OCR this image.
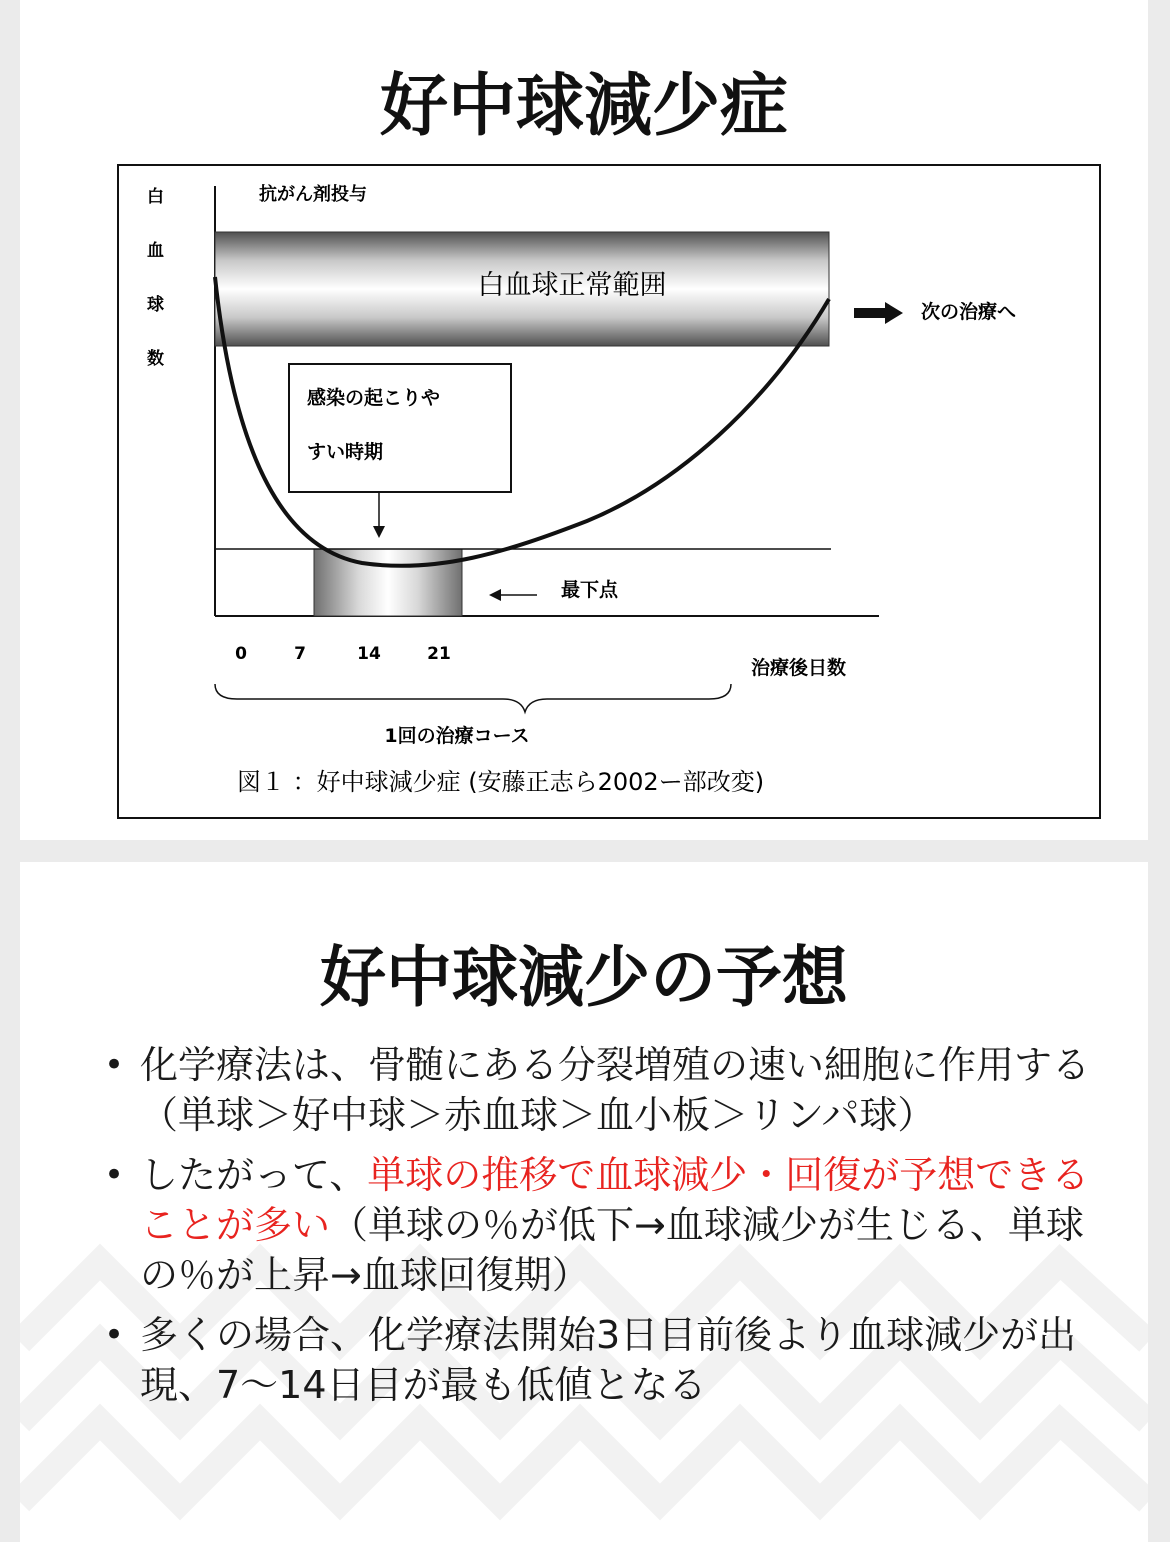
好中球減少症
白
血
球
数
抗がん剤投与
白血球正常範囲
次の治療へ
感染の起こりや
すい時期
最下点
0	7	14	21
治療後日数
1回の治療コース
図１ ：好中球減少症 (安藤正志ら2002ー部改変)
好中球減少の予想
• 化学療法は、骨髄にある分裂増殖の速い細胞に作用する（単球＞好中球＞赤血球＞血小板＞リンパ球）
• したがって、単球の推移で血球減少・回復が予想できることが多い（単球の％が低下→血球減少が生じる、単球の％が上昇→血球回復期）
• 多くの場合、化学療法開始3日目前後より血球減少が出現、7〜14日目が最も低値となる
